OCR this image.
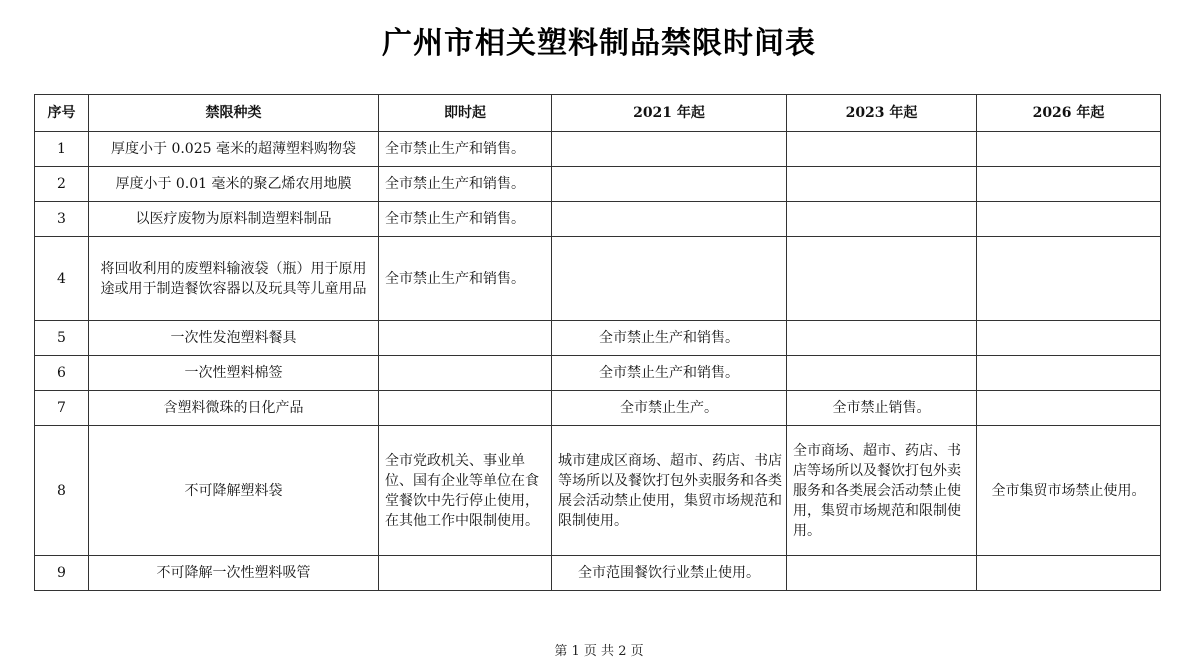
广州市相关塑料制品禁限时间表
序号	禁限种类	即时起	2021 年起	2023 年起	2026 年起
1	厚度小于 0.025 毫米的超薄塑料购物袋	全市禁止生产和销售。			
2	厚度小于 0.01 毫米的聚乙烯农用地膜	全市禁止生产和销售。			
3	以医疗废物为原料制造塑料制品	全市禁止生产和销售。			
4	将回收利用的废塑料输液袋（瓶）用于原用途或用于制造餐饮容器以及玩具等儿童用品	全市禁止生产和销售。			
5	一次性发泡塑料餐具		全市禁止生产和销售。		
6	一次性塑料棉签		全市禁止生产和销售。		
7	含塑料微珠的日化产品		全市禁止生产。	全市禁止销售。	
8	不可降解塑料袋	全市党政机关、事业单位、国有企业等单位在食堂餐饮中先行停止使用，在其他工作中限制使用。	城市建成区商场、超市、药店、书店等场所以及餐饮打包外卖服务和各类展会活动禁止使用，集贸市场规范和限制使用。	全市商场、超市、药店、书店等场所以及餐饮打包外卖服务和各类展会活动禁止使用，集贸市场规范和限制使用。	全市集贸市场禁止使用。
9	不可降解一次性塑料吸管		全市范围餐饮行业禁止使用。		
第 1 页 共 2 页
